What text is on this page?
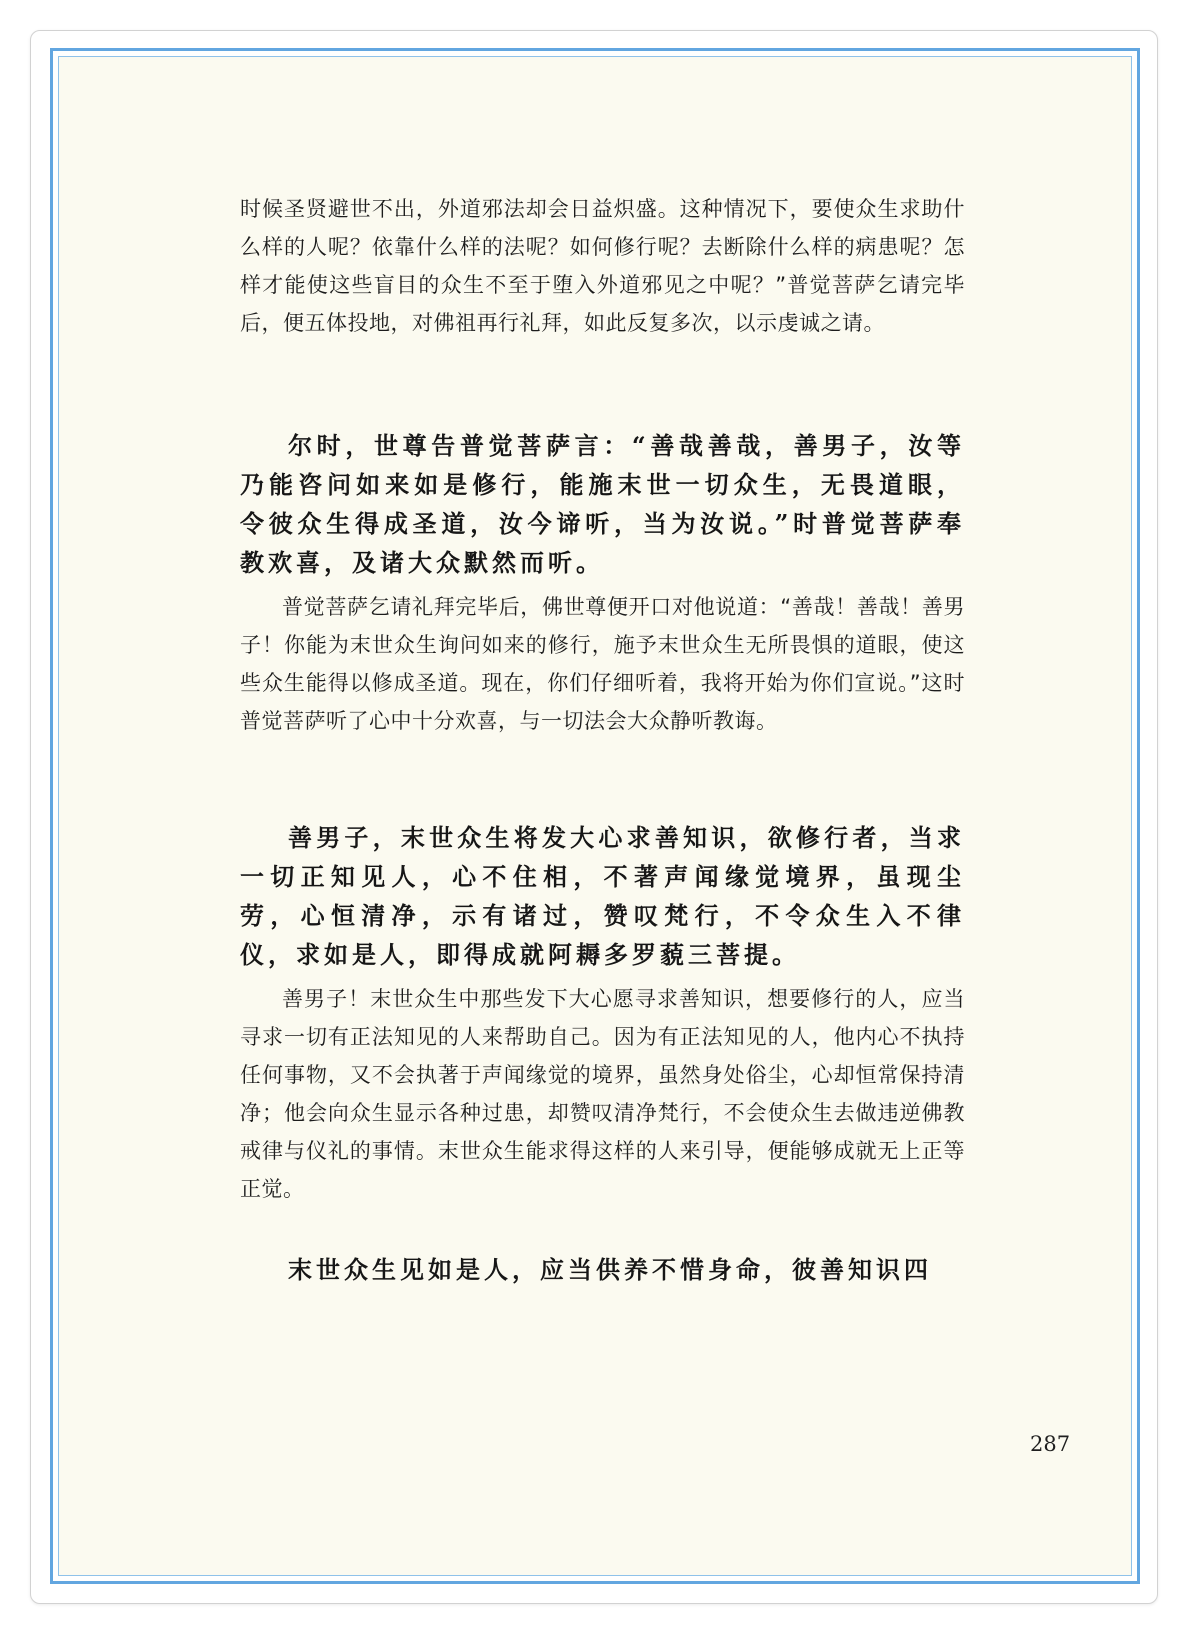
时候圣贤避世不出，外道邪法却会日益炽盛。这种情况下，要使众生求助什么样的人呢？依靠什么样的法呢？如何修行呢？去断除什么样的病患呢？怎样才能使这些盲目的众生不至于堕入外道邪见之中呢？”普觉菩萨乞请完毕后，便五体投地，对佛祖再行礼拜，如此反复多次，以示虔诚之请。

尔时，世尊告普觉菩萨言：“善哉善哉，善男子，汝等乃能咨问如来如是修行，能施末世一切众生，无畏道眼，令彼众生得成圣道，汝今谛听，当为汝说。”时普觉菩萨奉教欢喜，及诸大众默然而听。

普觉菩萨乞请礼拜完毕后，佛世尊便开口对他说道：“善哉！善哉！善男子！你能为末世众生询问如来的修行，施予末世众生无所畏惧的道眼，使这些众生能得以修成圣道。现在，你们仔细听着，我将开始为你们宣说。”这时普觉菩萨听了心中十分欢喜，与一切法会大众静听教诲。

善男子，末世众生将发大心求善知识，欲修行者，当求一切正知见人，心不住相，不著声闻缘觉境界，虽现尘劳，心恒清净，示有诸过，赞叹梵行，不令众生入不律仪，求如是人，即得成就阿耨多罗藐三菩提。

善男子！末世众生中那些发下大心愿寻求善知识，想要修行的人，应当寻求一切有正法知见的人来帮助自己。因为有正法知见的人，他内心不执持任何事物，又不会执著于声闻缘觉的境界，虽然身处俗尘，心却恒常保持清净；他会向众生显示各种过患，却赞叹清净梵行，不会使众生去做违逆佛教戒律与仪礼的事情。末世众生能求得这样的人来引导，便能够成就无上正等正觉。

末世众生见如是人，应当供养不惜身命，彼善知识四

287
